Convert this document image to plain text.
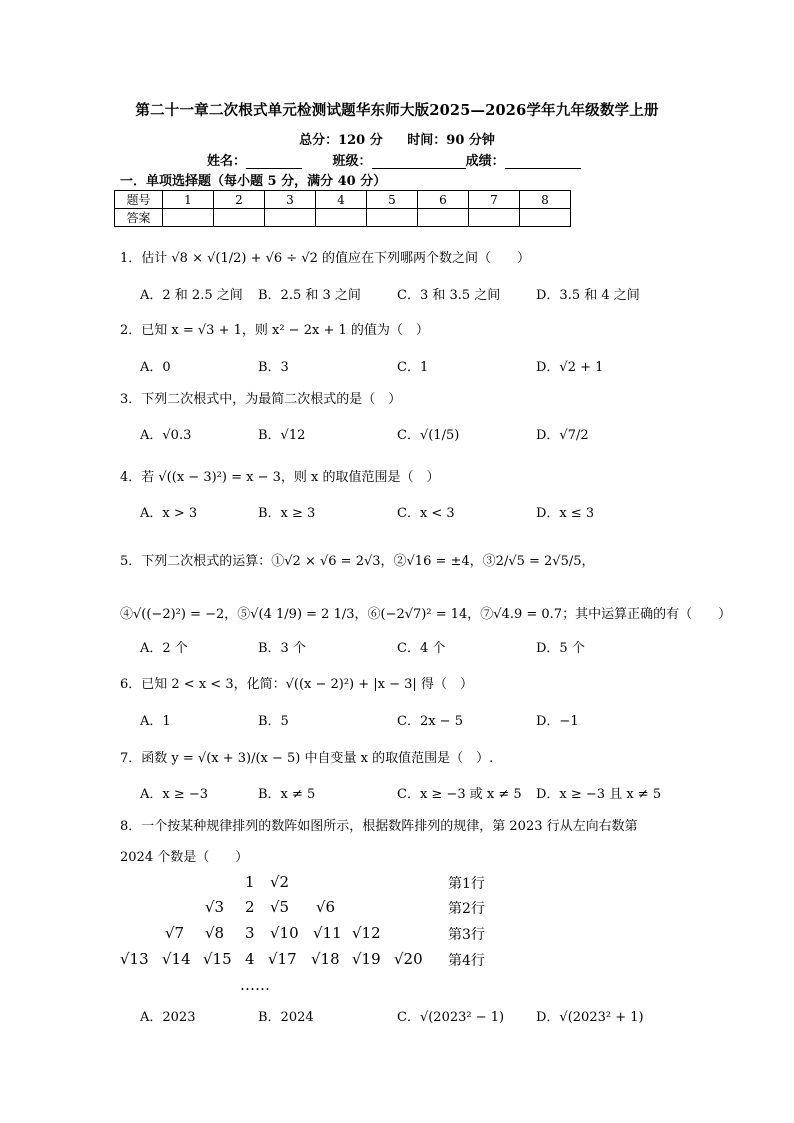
第二十一章二次根式单元检测试题华东师大版2025—2026学年九年级数学上册
总分：120 分 时间：90 分钟
姓名：	班级：	成绩：
一．单项选择题（每小题 5 分，满分 40 分）
题号	1	2	3	4	5	6	7	8
答案								
1．估计 √8 × √(1/2) + √6 ÷ √2 的值应在下列哪两个数之间（　　）
A．2 和 2.5 之间 B．2.5 和 3 之间	C．3 和 3.5 之间	D．3.5 和 4 之间
2．已知 x = √3 + 1，则 x² − 2x + 1 的值为（　）
A．0	B．3	C．1	D．√2 + 1
3．下列二次根式中，为最简二次根式的是（　）
A．√0.3	B．√12	C．√(1/5)	D．√7/2
4．若 √((x − 3)²) = x − 3，则 x 的取值范围是（　）
A．x > 3	B．x ≥ 3	C．x < 3	D．x ≤ 3
5．下列二次根式的运算：①√2 × √6 = 2√3，②√16 = ±4，③2/√5 = 2√5/5，
④√((−2)²) = −2，⑤√(4 1/9) = 2 1/3，⑥(−2√7)² = 14，⑦√4.9 = 0.7；其中运算正确的有（　　）
A．2 个	B．3 个	C．4 个	D．5 个
6．已知 2 < x < 3，化简：√((x − 2)²) + |x − 3| 得（　）
A．1	B．5	C．2x − 5	D．−1
7．函数 y = √(x + 3)/(x − 5) 中自变量 x 的取值范围是（　）.
A．x ≥ −3	B．x ≠ 5	C．x ≥ −3 或 x ≠ 5 D．x ≥ −3 且 x ≠ 5
8．一个按某种规律排列的数阵如图所示，根据数阵排列的规律，第 2023 行从左向右数第
2024 个数是（　　）
1 √2
√3 2 √5 √6
√7 √8 3 √10 √11 √12
√13 √14 √15 4 √17 √18 √19 √20
第1行
第2行
第3行
第4行
……
A．2023	B．2024	C．√(2023² − 1) D．√(2023² + 1)
